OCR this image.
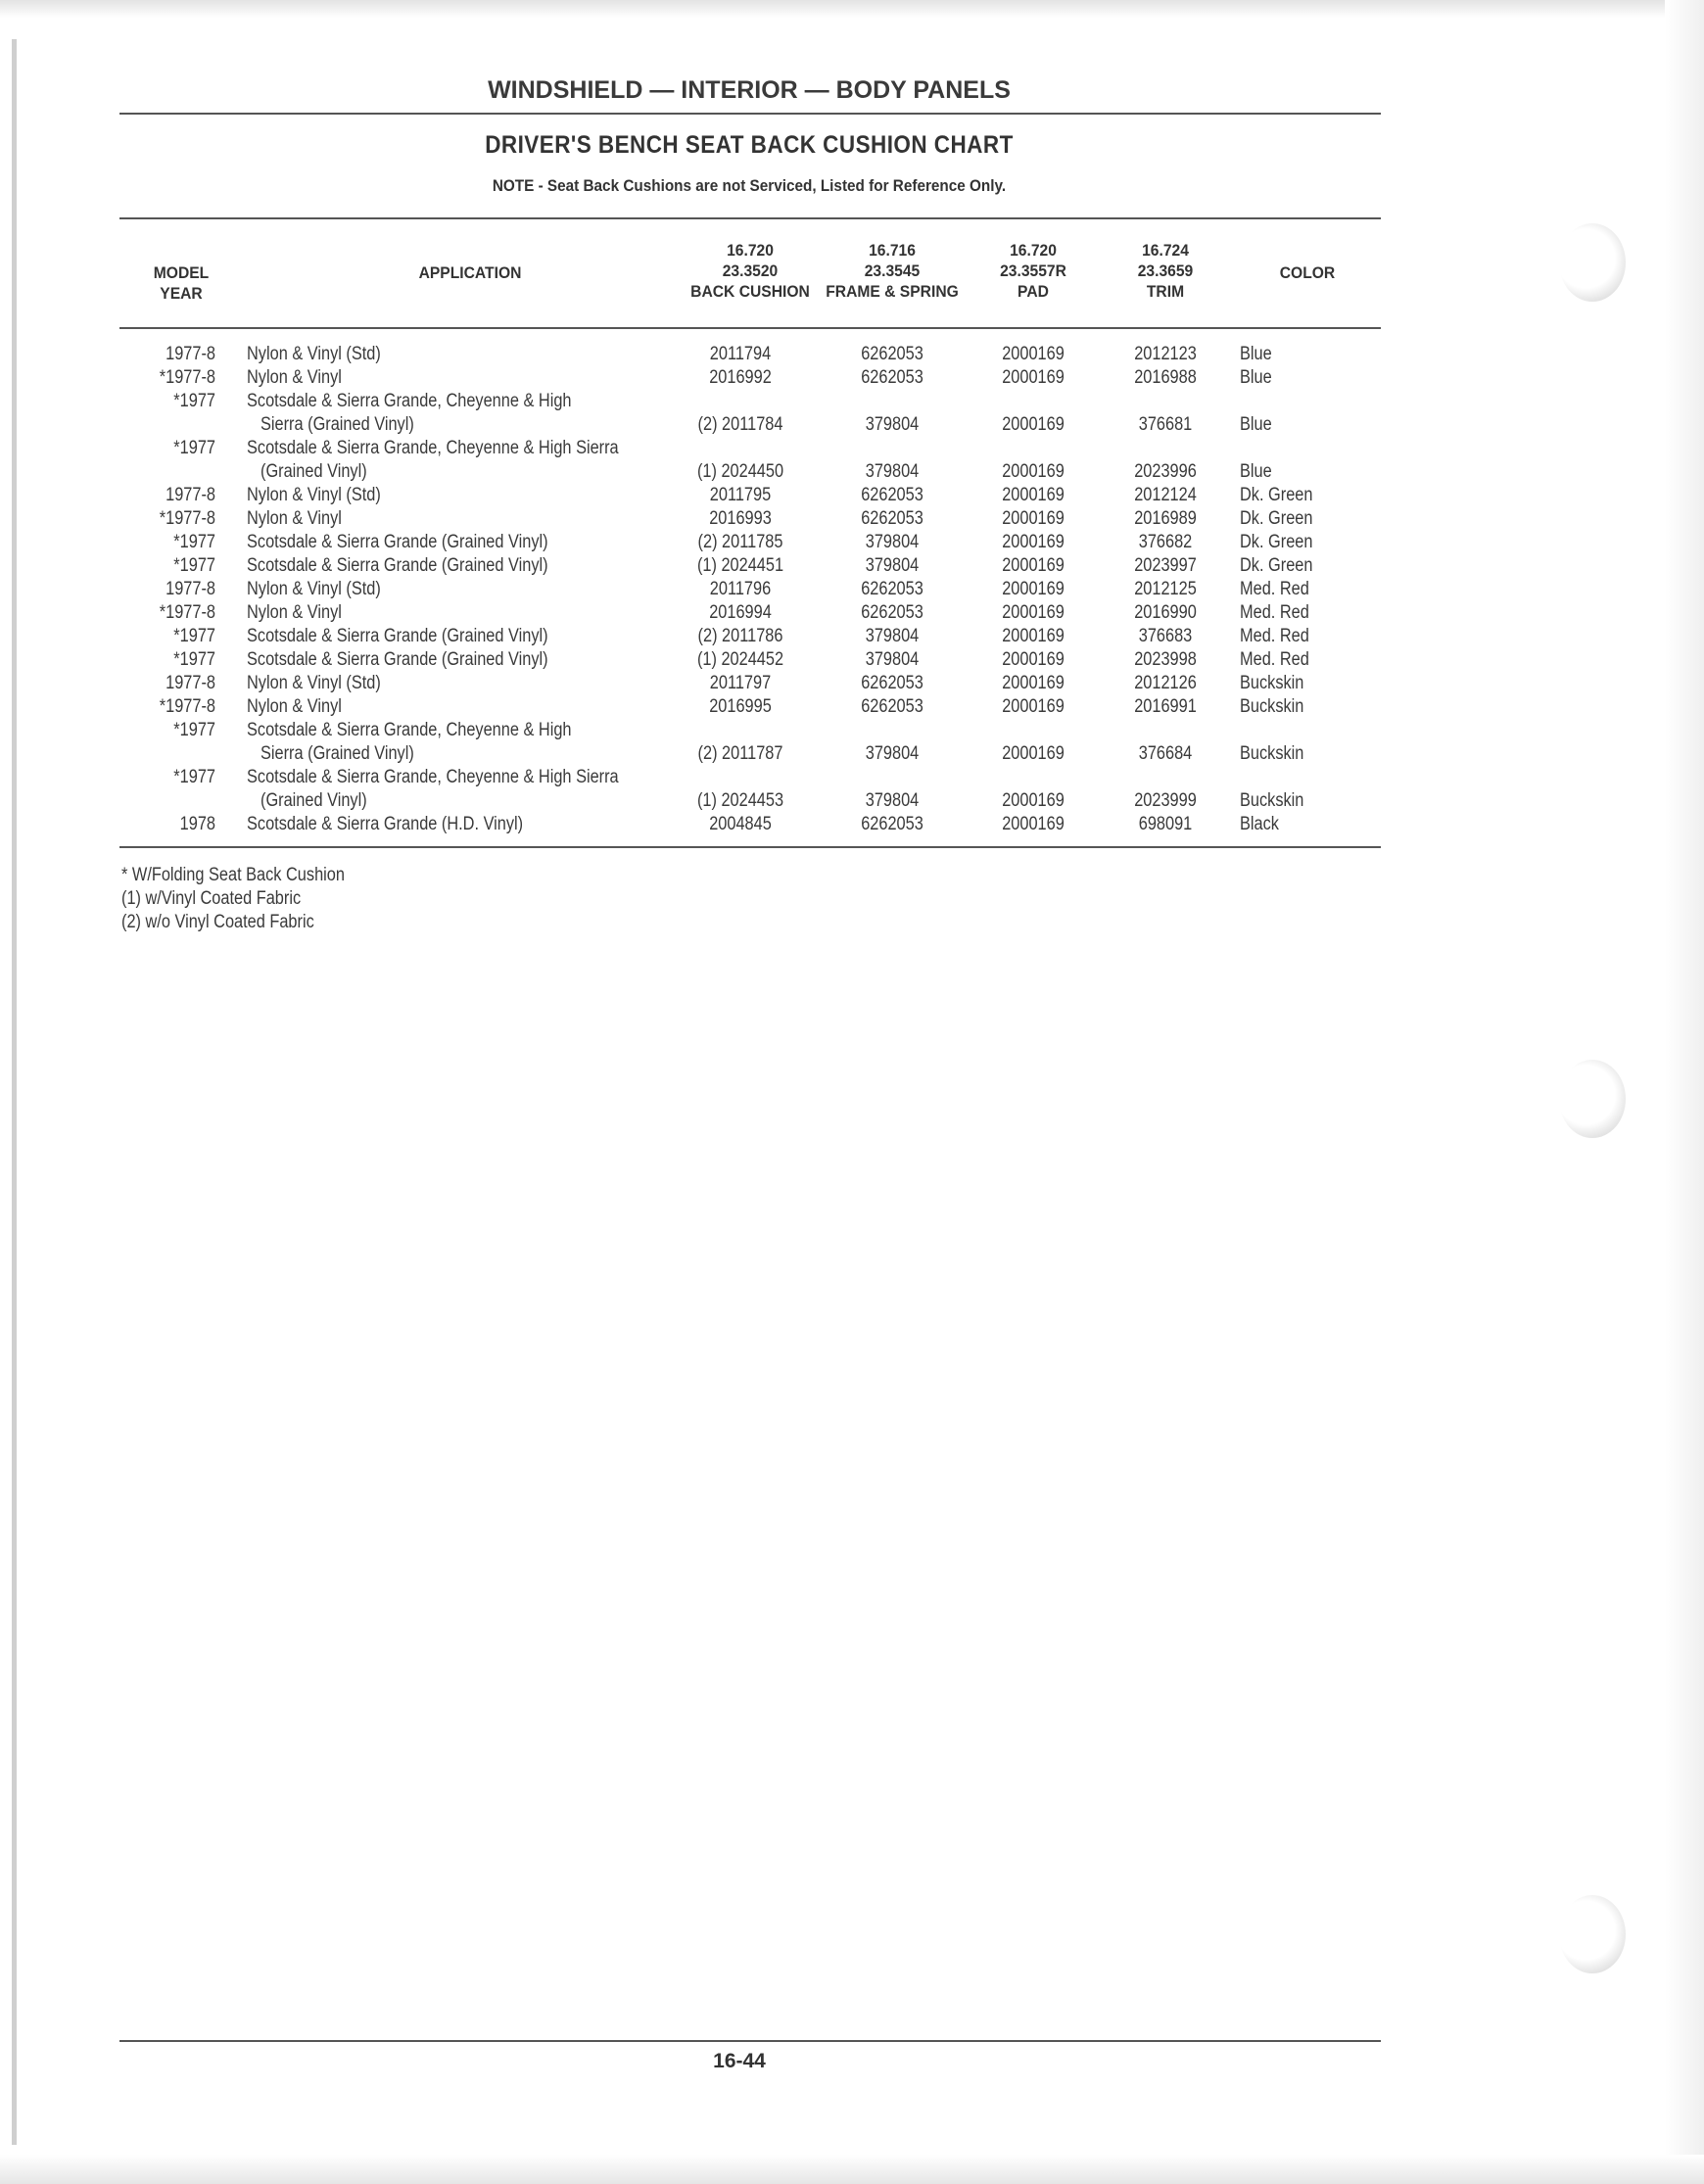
WINDSHIELD — INTERIOR — BODY PANELS
DRIVER'S BENCH SEAT BACK CUSHION CHART
NOTE - Seat Back Cushions are not Serviced, Listed for Reference Only.
MODEL
YEAR
APPLICATION
16.720
23.3520
BACK CUSHION
16.716
23.3545
FRAME & SPRING
16.720
23.3557R
PAD
16.724
23.3659
TRIM
COLOR
1977-8 Nylon & Vinyl (Std)	2011794	6262053	2000169	2012123	Blue
*1977-8 Nylon & Vinyl	2016992	6262053	2000169	2016988	Blue
*1977 Scotsdale & Sierra Grande, Cheyenne & High
Sierra (Grained Vinyl)	(2) 2011784	379804	2000169	376681	Blue
*1977 Scotsdale & Sierra Grande, Cheyenne & High Sierra
(Grained Vinyl)	(1) 2024450	379804	2000169	2023996	Blue
1977-8 Nylon & Vinyl (Std)	2011795	6262053	2000169	2012124	Dk. Green
*1977-8 Nylon & Vinyl	2016993	6262053	2000169	2016989	Dk. Green
*1977 Scotsdale & Sierra Grande (Grained Vinyl)	(2) 2011785	379804	2000169	376682	Dk. Green
*1977 Scotsdale & Sierra Grande (Grained Vinyl)	(1) 2024451	379804	2000169	2023997	Dk. Green
1977-8 Nylon & Vinyl (Std)	2011796	6262053	2000169	2012125	Med. Red
*1977-8 Nylon & Vinyl	2016994	6262053	2000169	2016990	Med. Red
*1977 Scotsdale & Sierra Grande (Grained Vinyl)	(2) 2011786	379804	2000169	376683	Med. Red
*1977 Scotsdale & Sierra Grande (Grained Vinyl)	(1) 2024452	379804	2000169	2023998	Med. Red
1977-8 Nylon & Vinyl (Std)	2011797	6262053	2000169	2012126	Buckskin
*1977-8 Nylon & Vinyl	2016995	6262053	2000169	2016991	Buckskin
*1977 Scotsdale & Sierra Grande, Cheyenne & High
Sierra (Grained Vinyl)	(2) 2011787	379804	2000169	376684	Buckskin
*1977 Scotsdale & Sierra Grande, Cheyenne & High Sierra
(Grained Vinyl)	(1) 2024453	379804	2000169	2023999	Buckskin
1978 Scotsdale & Sierra Grande (H.D. Vinyl)	2004845	6262053	2000169	698091	Black
* W/Folding Seat Back Cushion
(1) w/Vinyl Coated Fabric
(2) w/o Vinyl Coated Fabric
16-44
